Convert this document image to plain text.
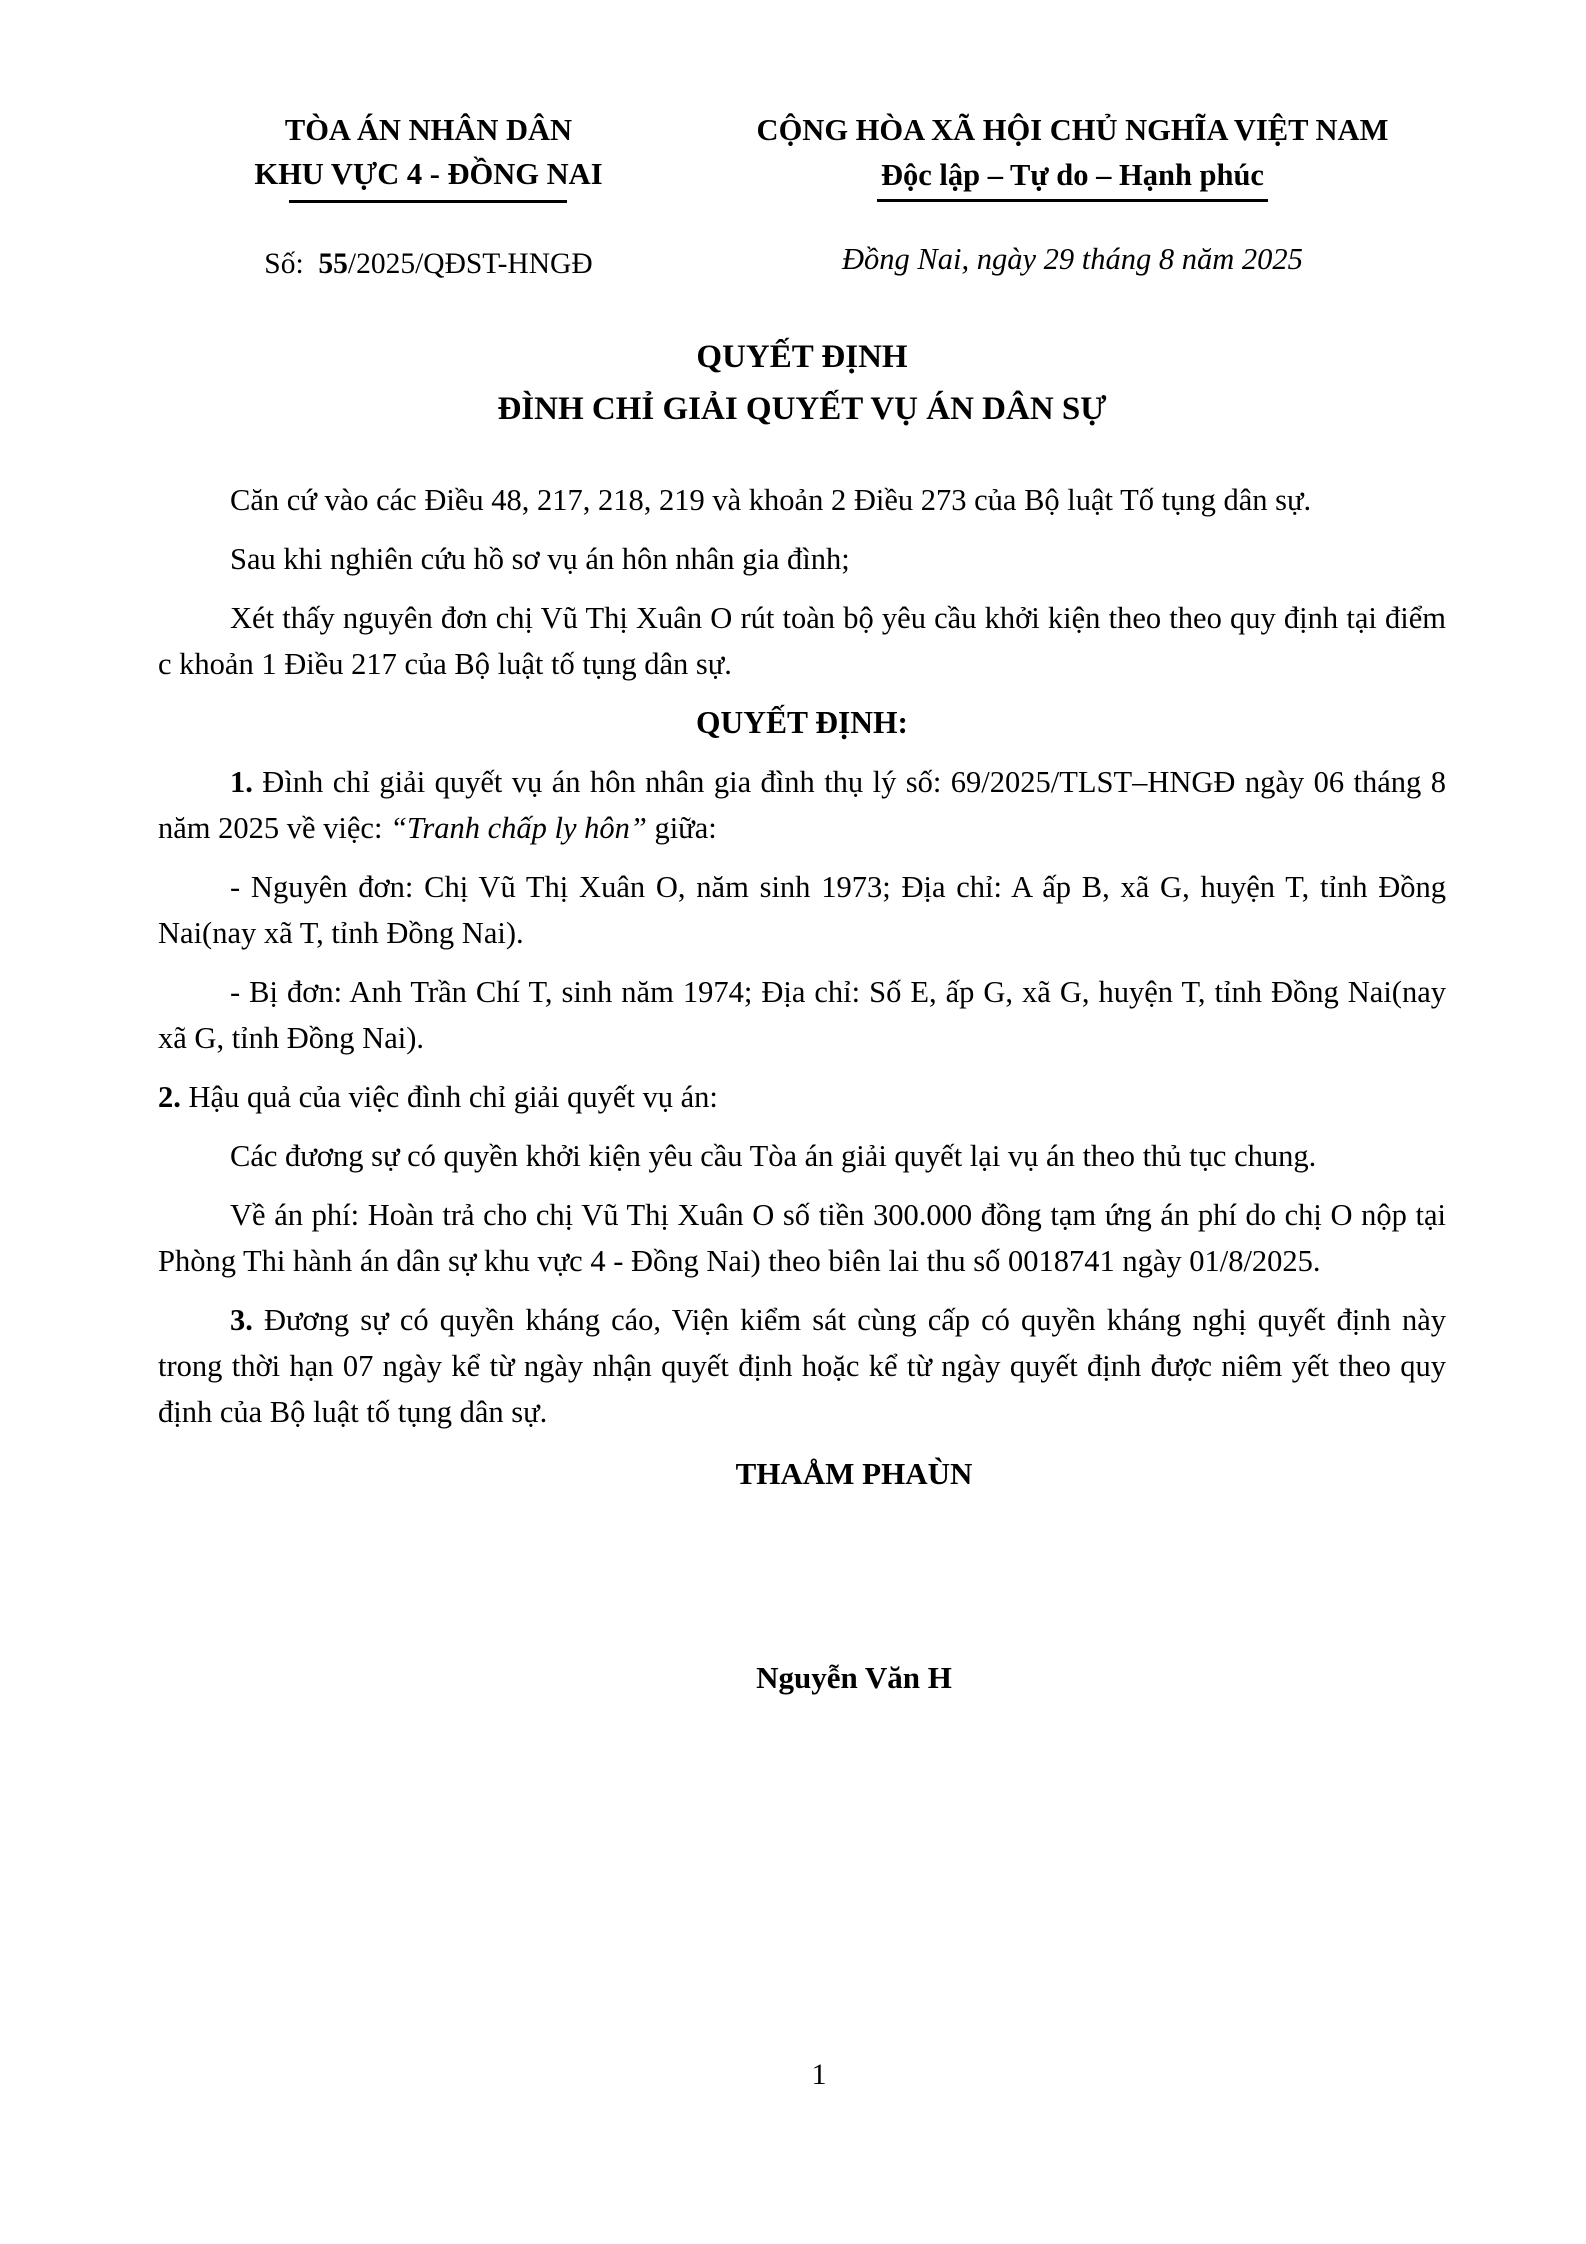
TÒA ÁN NHÂN DÂN
KHU VỰC 4 - ĐỒNG NAI
Số:  55/2025/QĐST-HNGĐ
CỘNG HÒA XÃ HỘI CHỦ NGHĨA VIỆT NAM
Độc lập – Tự do – Hạnh phúc
Đồng Nai, ngày 29 tháng 8 năm 2025
QUYẾT ĐỊNH
ĐÌNH CHỈ GIẢI QUYẾT VỤ ÁN DÂN SỰ

Căn cứ vào các Điều 48, 217, 218, 219 và khoản 2 Điều 273 của Bộ luật Tố tụng dân sự.

Sau khi nghiên cứu hồ sơ vụ án hôn nhân gia đình;

Xét thấy nguyên đơn chị Vũ Thị Xuân O rút toàn bộ yêu cầu khởi kiện theo theo quy định tại điểm c khoản 1 Điều 217 của Bộ luật tố tụng dân sự.

QUYẾT ĐỊNH:

1. Đình chỉ giải quyết vụ án hôn nhân gia đình thụ lý số: 69/2025/TLST–HNGĐ ngày 06 tháng 8 năm 2025 về việc: “Tranh chấp ly hôn” giữa:

- Nguyên đơn: Chị Vũ Thị Xuân O, năm sinh 1973; Địa chỉ: A ấp B, xã G, huyện T, tỉnh Đồng Nai(nay xã T, tỉnh Đồng Nai).

- Bị đơn: Anh Trần Chí T, sinh năm 1974; Địa chỉ: Số E, ấp G, xã G, huyện T, tỉnh Đồng Nai(nay xã G, tỉnh Đồng Nai).

2. Hậu quả của việc đình chỉ giải quyết vụ án:

Các đương sự có quyền khởi kiện yêu cầu Tòa án giải quyết lại vụ án theo thủ tục chung.

Về án phí: Hoàn trả cho chị Vũ Thị Xuân O số tiền 300.000 đồng tạm ứng án phí do chị O nộp tại Phòng Thi hành án dân sự khu vực 4 - Đồng Nai) theo biên lai thu số 0018741 ngày 01/8/2025.

3. Đương sự có quyền kháng cáo, Viện kiểm sát cùng cấp có quyền kháng nghị quyết định này trong thời hạn 07 ngày kể từ ngày nhận quyết định hoặc kể từ ngày quyết định được niêm yết theo quy định của Bộ luật tố tụng dân sự.

THAÅM PHAÙN
Nguyễn Văn H
1
